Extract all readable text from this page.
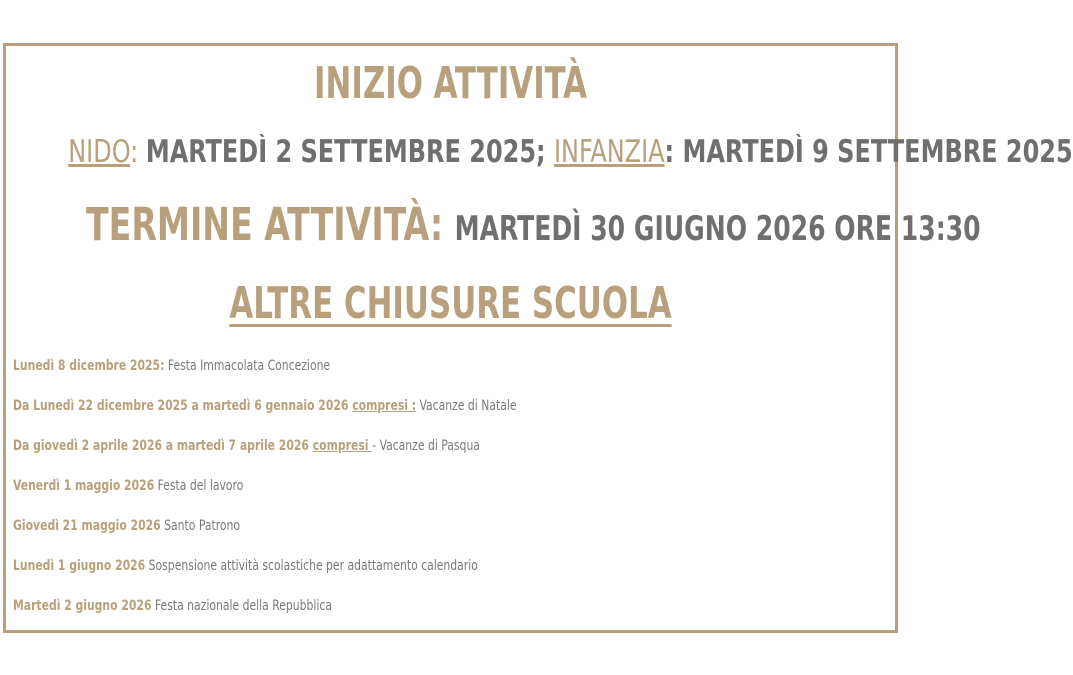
INIZIO ATTIVITÀ
NIDO: MARTEDÌ 2 SETTEMBRE 2025; INFANZIA: MARTEDÌ 9 SETTEMBRE 2025
TERMINE ATTIVITÀ: MARTEDÌ 30 GIUGNO 2026 ORE 13:30
ALTRE CHIUSURE SCUOLA
Lunedì 8 dicembre 2025: Festa Immacolata Concezione
Da Lunedì 22 dicembre 2025 a martedì 6 gennaio 2026 compresi : Vacanze di Natale
Da giovedì 2 aprile 2026 a martedì 7 aprile 2026 compresi - Vacanze di Pasqua
Venerdì 1 maggio 2026 Festa del lavoro
Giovedì 21 maggio 2026 Santo Patrono
Lunedì 1 giugno 2026 Sospensione attività scolastiche per adattamento calendario
Martedì 2 giugno 2026 Festa nazionale della Repubblica
